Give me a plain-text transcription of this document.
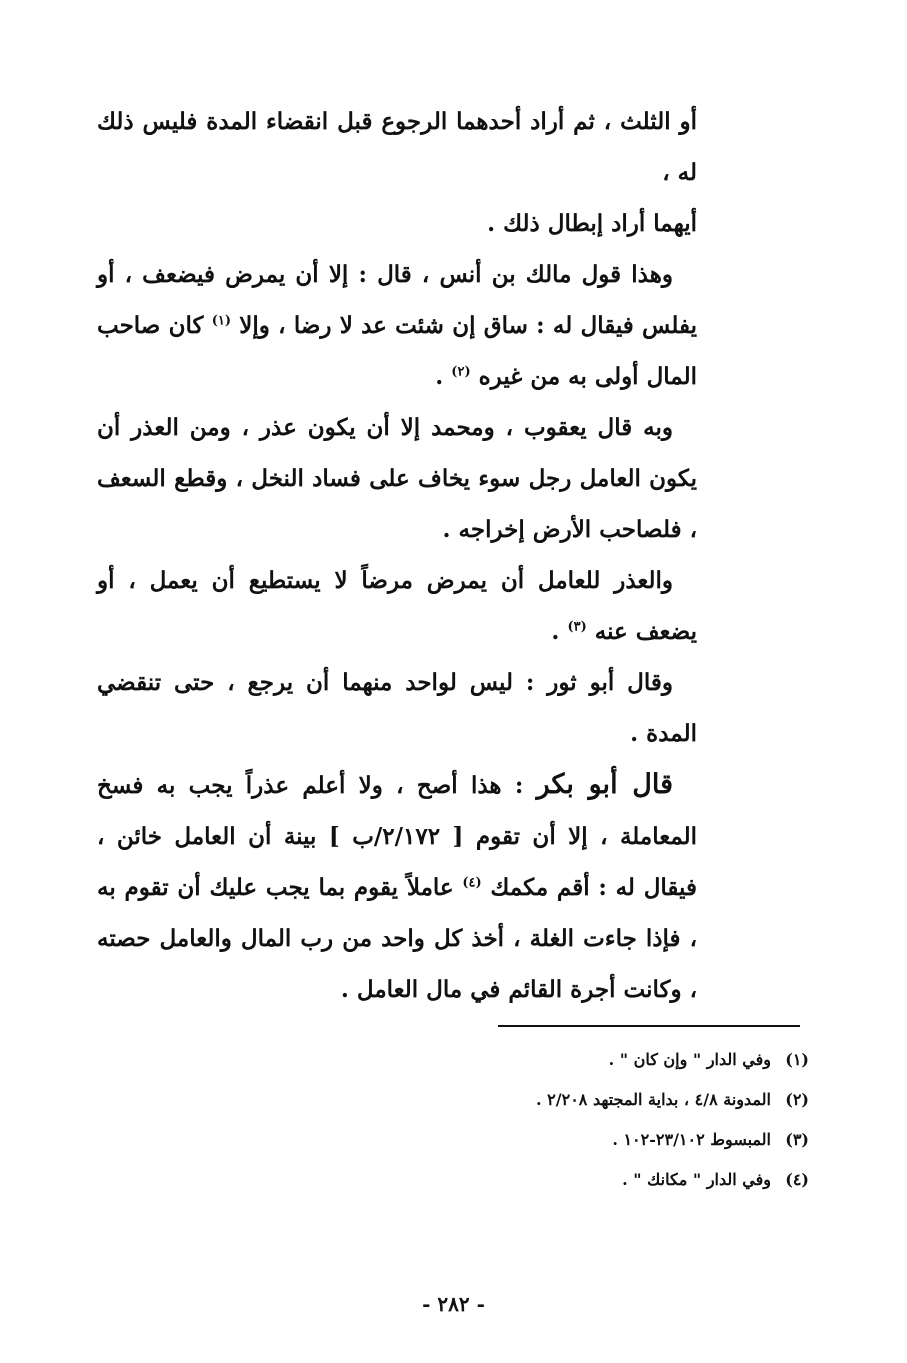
أو الثلث ، ثم أراد أحدهما الرجوع قبل انقضاء المدة فليس ذلك له ،
أيهما أراد إبطال ذلك .

وهذا قول مالك بن أنس ، قال : إلا أن يمرض فيضعف ، أو يفلس فيقال له : ساق إن شئت عد لا رضا ، وإلا $^{(١)}$ كان صاحب المال أولى به من غيره $^{(٢)}$ .

وبه قال يعقوب ، ومحمد إلا أن يكون عذر ، ومن العذر أن يكون العامل رجل سوء يخاف على فساد النخل ، وقطع السعف ، فلصاحب الأرض إخراجه .

والعذر للعامل أن يمرض مرضاً لا يستطيع أن يعمل ، أو يضعف عنه $^{(٣)}$ .

وقال أبو ثور : ليس لواحد منهما أن يرجع ، حتى تنقضي المدة .

قال أبو بكر : هذا أصح ، ولا أعلم عذراً يجب به فسخ المعاملة ، إلا أن تقوم [ ٢/١٧٢/ب ] بينة أن العامل خائن ، فيقال له : أقم مكمك $^{(٤)}$ عاملاً يقوم بما يجب عليك أن تقوم به ، فإذا جاءت الغلة ، أخذ كل واحد من رب المال والعامل حصته ، وكانت أجرة القائم في مال العامل .

(١)
وفي الدار " وإن كان " .
(٢)
المدونة ٤/٨ ، بداية المجتهد ٢/٢٠٨ .
(٣)
المبسوط ٢٣/١٠٢-١٠٢ .
(٤)
وفي الدار " مكانك " .
- ٢٨٢ -
